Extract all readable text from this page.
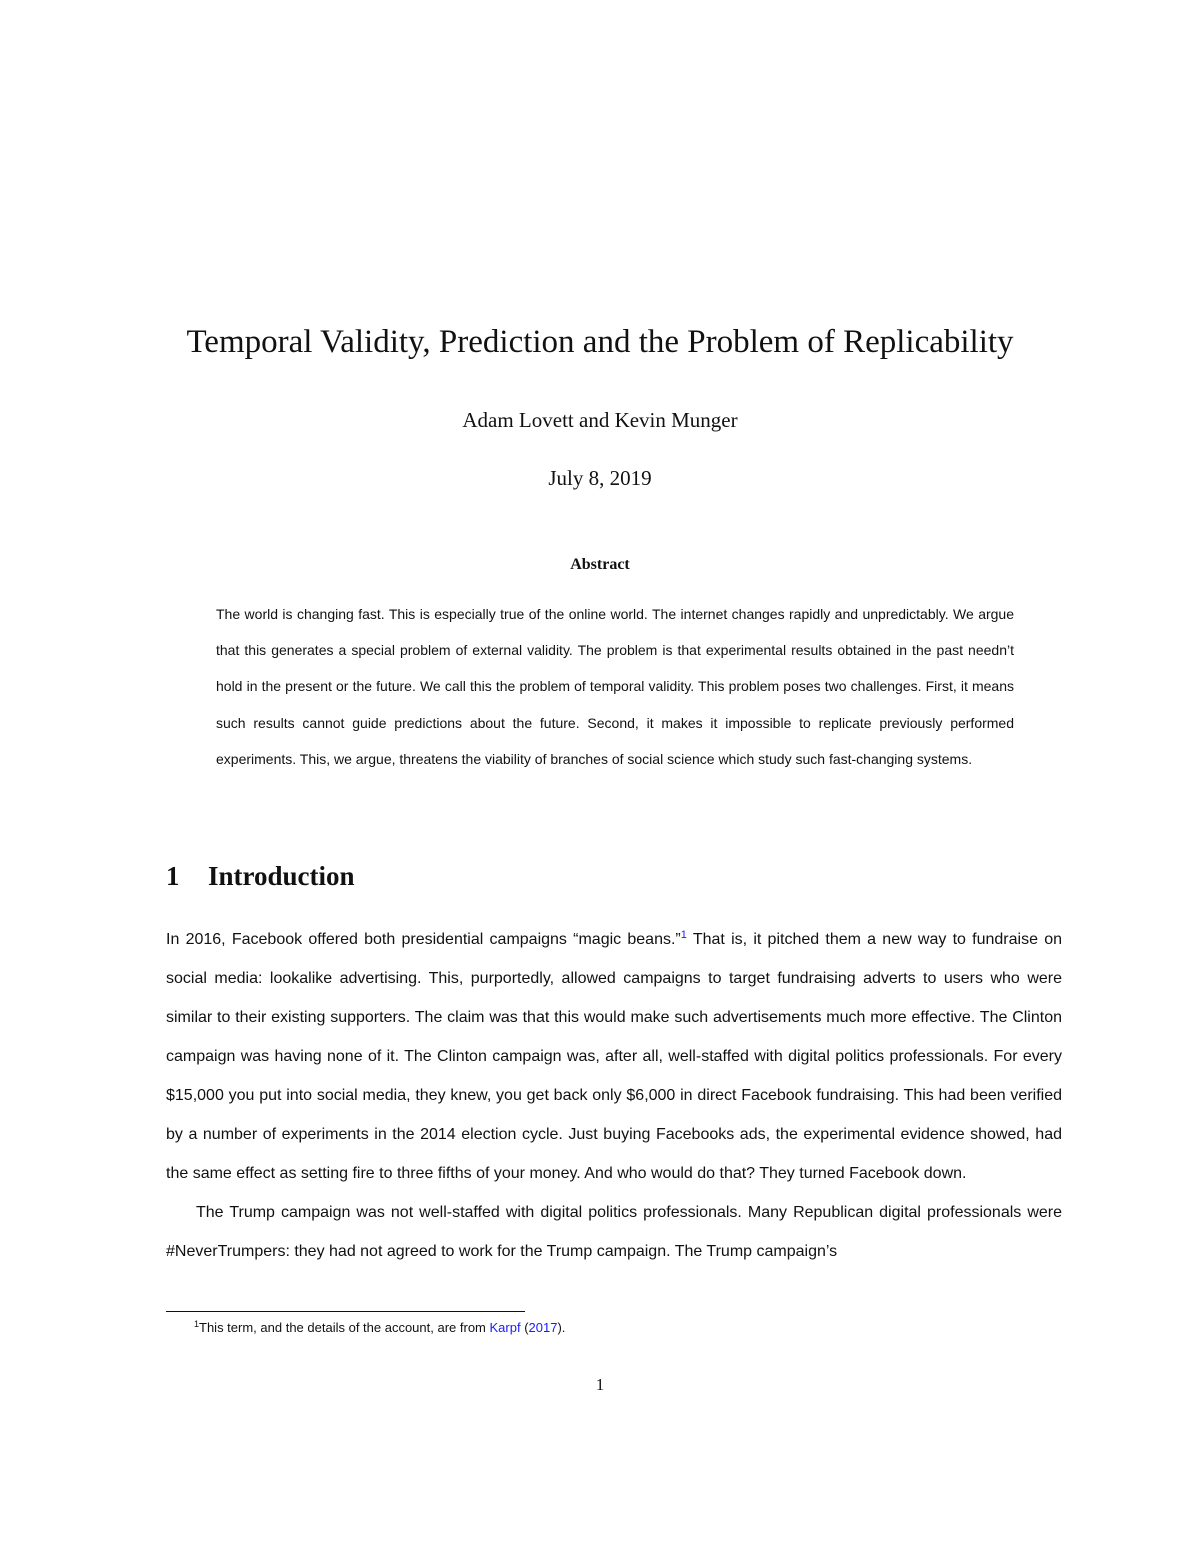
Temporal Validity, Prediction and the Problem of Replicability
Adam Lovett and Kevin Munger
July 8, 2019
Abstract

The world is changing fast. This is especially true of the online world. The internet changes rapidly and unpredictably. We argue that this generates a special problem of external validity. The problem is that experimental results obtained in the past needn’t hold in the present or the future. We call this the problem of temporal validity. This problem poses two challenges. First, it means such results cannot guide predictions about the future. Second, it makes it impossible to replicate previously performed experiments. This, we argue, threatens the viability of branches of social science which study such fast-changing systems.

1 Introduction

In 2016, Facebook offered both presidential campaigns “magic beans.”$^1$ That is, it pitched them a new way to fundraise on social media: lookalike advertising. This, purportedly, allowed campaigns to target fundraising adverts to users who were similar to their existing supporters. The claim was that this would make such advertisements much more effective. The Clinton campaign was having none of it. The Clinton campaign was, after all, well-staffed with digital politics professionals. For every $15,000 you put into social media, they knew, you get back only $6,000 in direct Facebook fundraising. This had been verified by a number of experiments in the 2014 election cycle. Just buying Facebooks ads, the experimental evidence showed, had the same effect as setting fire to three fifths of your money. And who would do that? They turned Facebook down.

The Trump campaign was not well-staffed with digital politics professionals. Many Republican digital professionals were #NeverTrumpers: they had not agreed to work for the Trump campaign. The Trump campaign’s

$^1$This term, and the details of the account, are from Karpf (2017).

1
